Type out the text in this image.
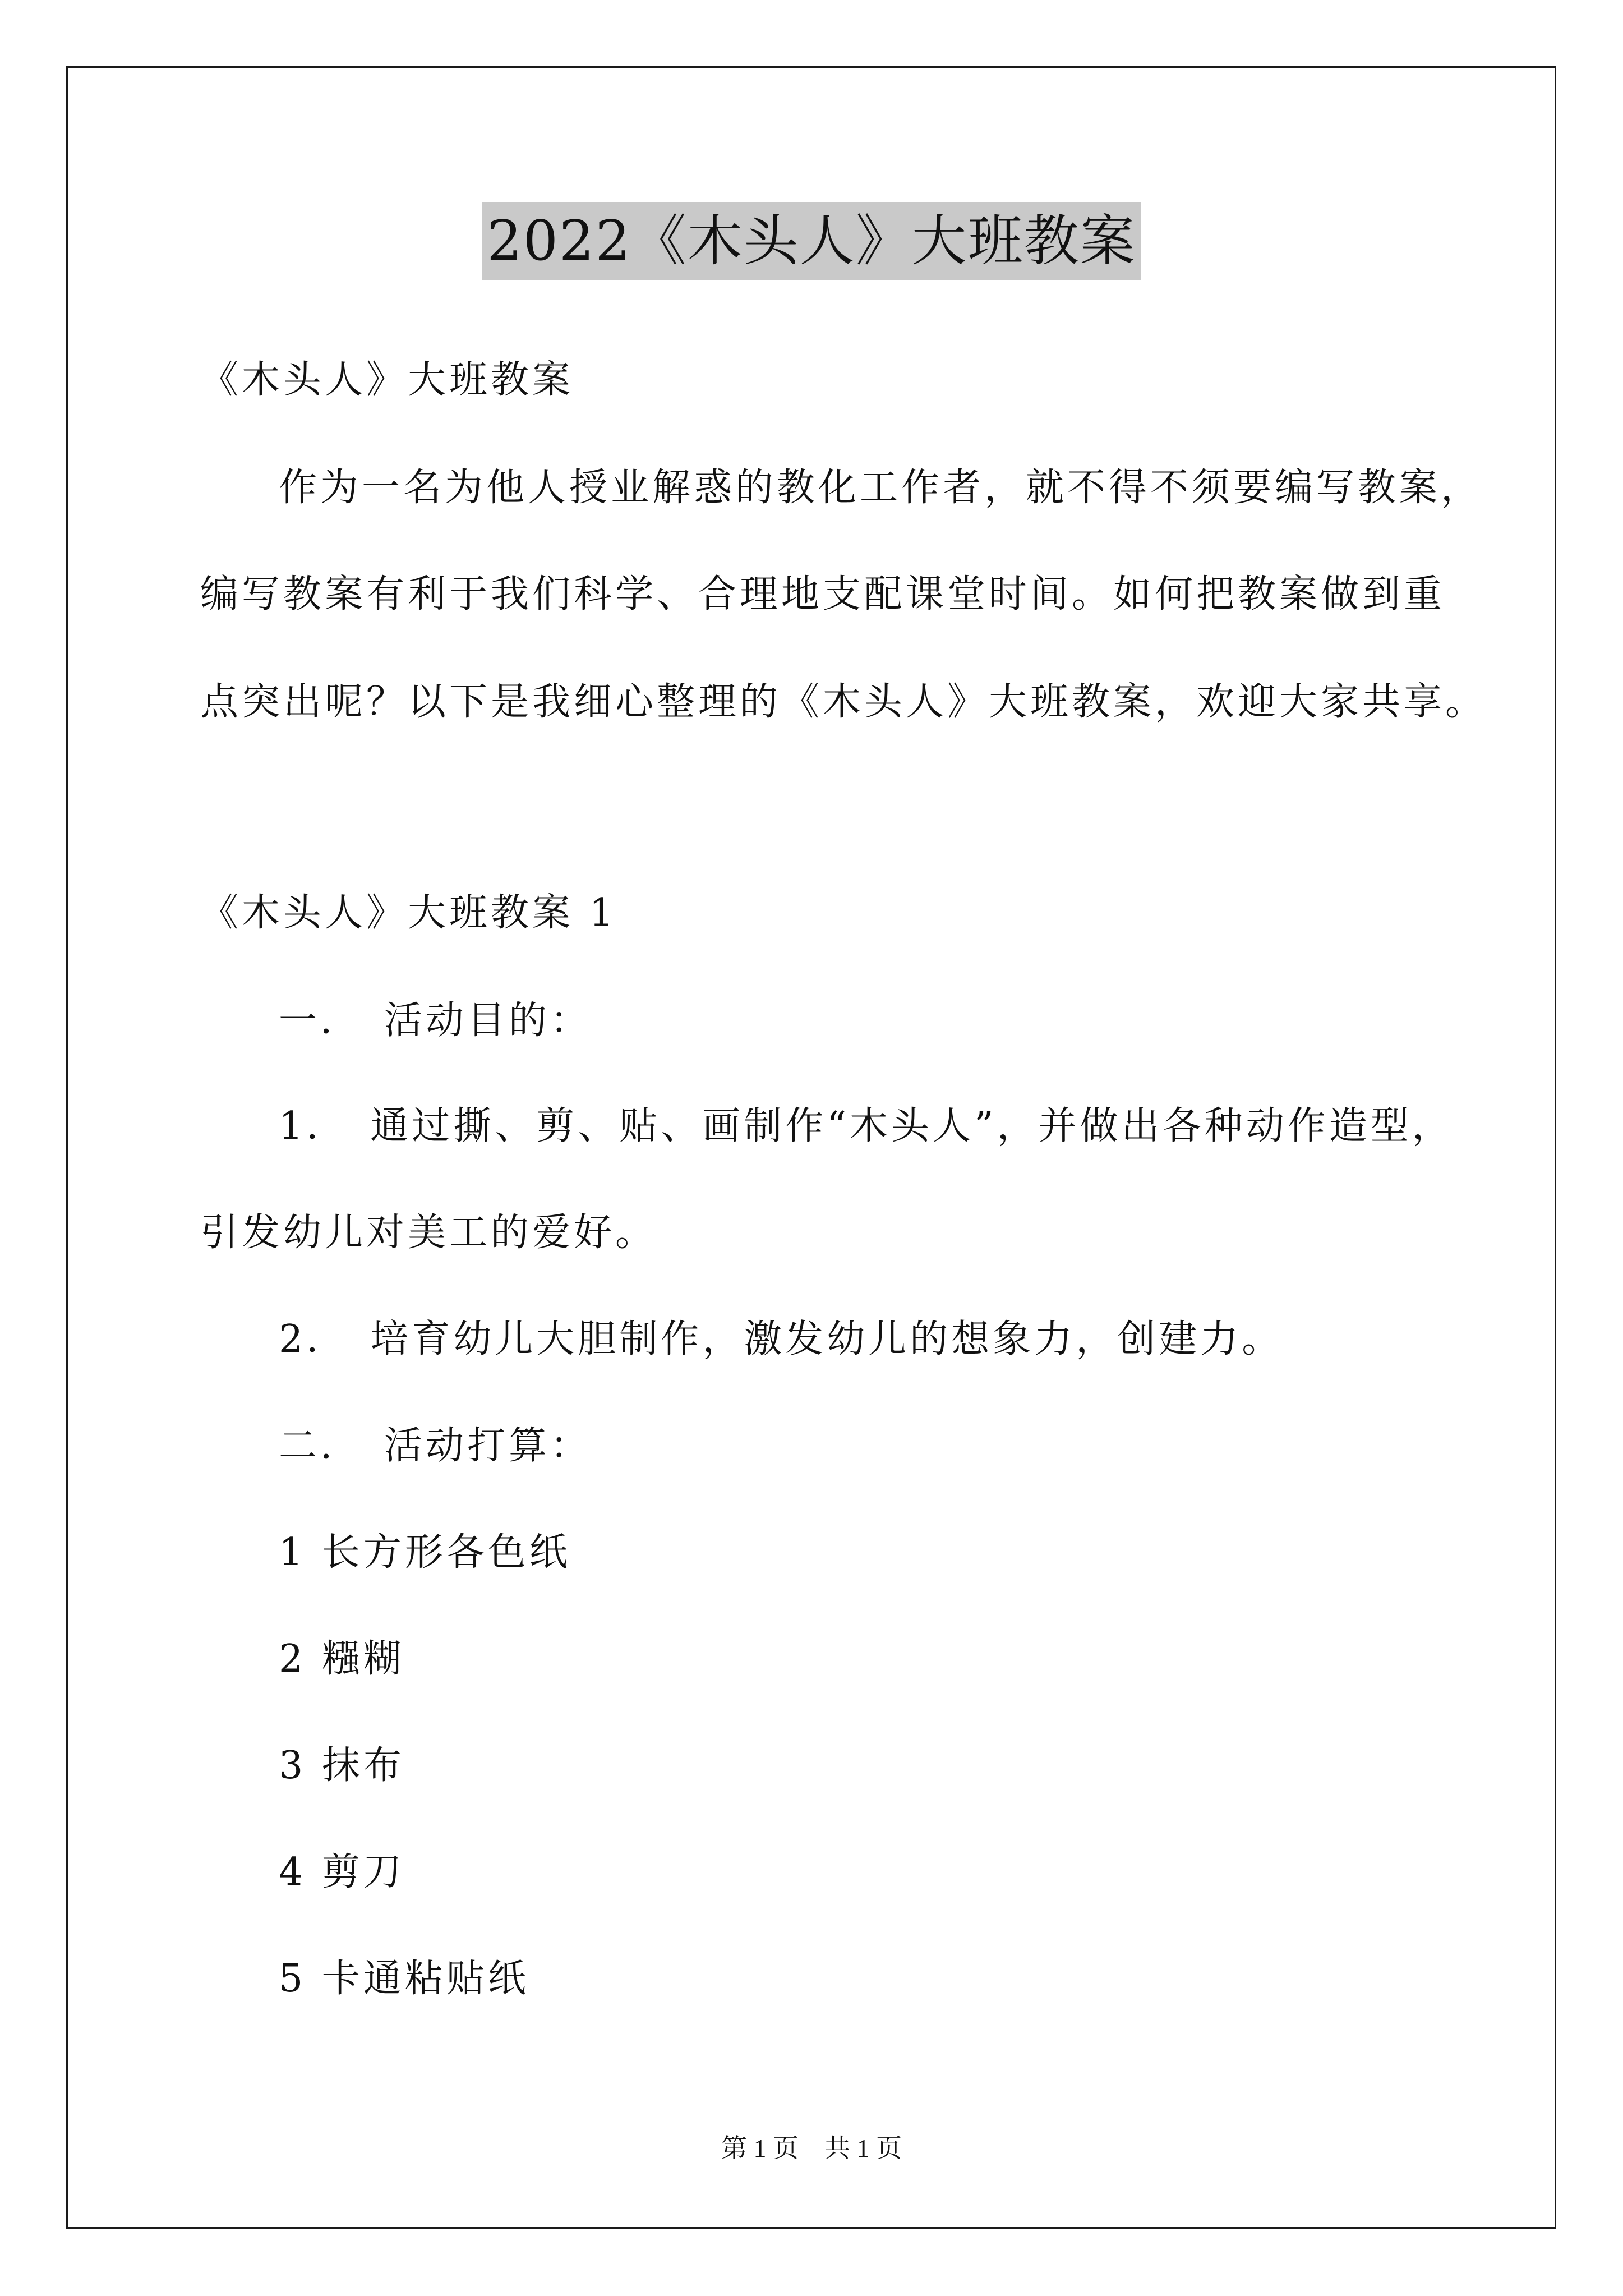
2022《木头人》大班教案
《木头人》大班教案
作为一名为他人授业解惑的教化工作者，就不得不须要编写教案，
编写教案有利于我们科学、合理地支配课堂时间。如何把教案做到重
点突出呢？以下是我细心整理的《木头人》大班教案，欢迎大家共享。
《木头人》大班教案 1
一．　活动目的：
1．　通过撕、剪、贴、画制作“木头人”，并做出各种动作造型，
引发幼儿对美工的爱好。
2．　培育幼儿大胆制作，激发幼儿的想象力，创建力。
二．　活动打算：
1 长方形各色纸
2 糨糊
3 抹布
4 剪刀
5 卡通粘贴纸
第 1 页　共 1 页
